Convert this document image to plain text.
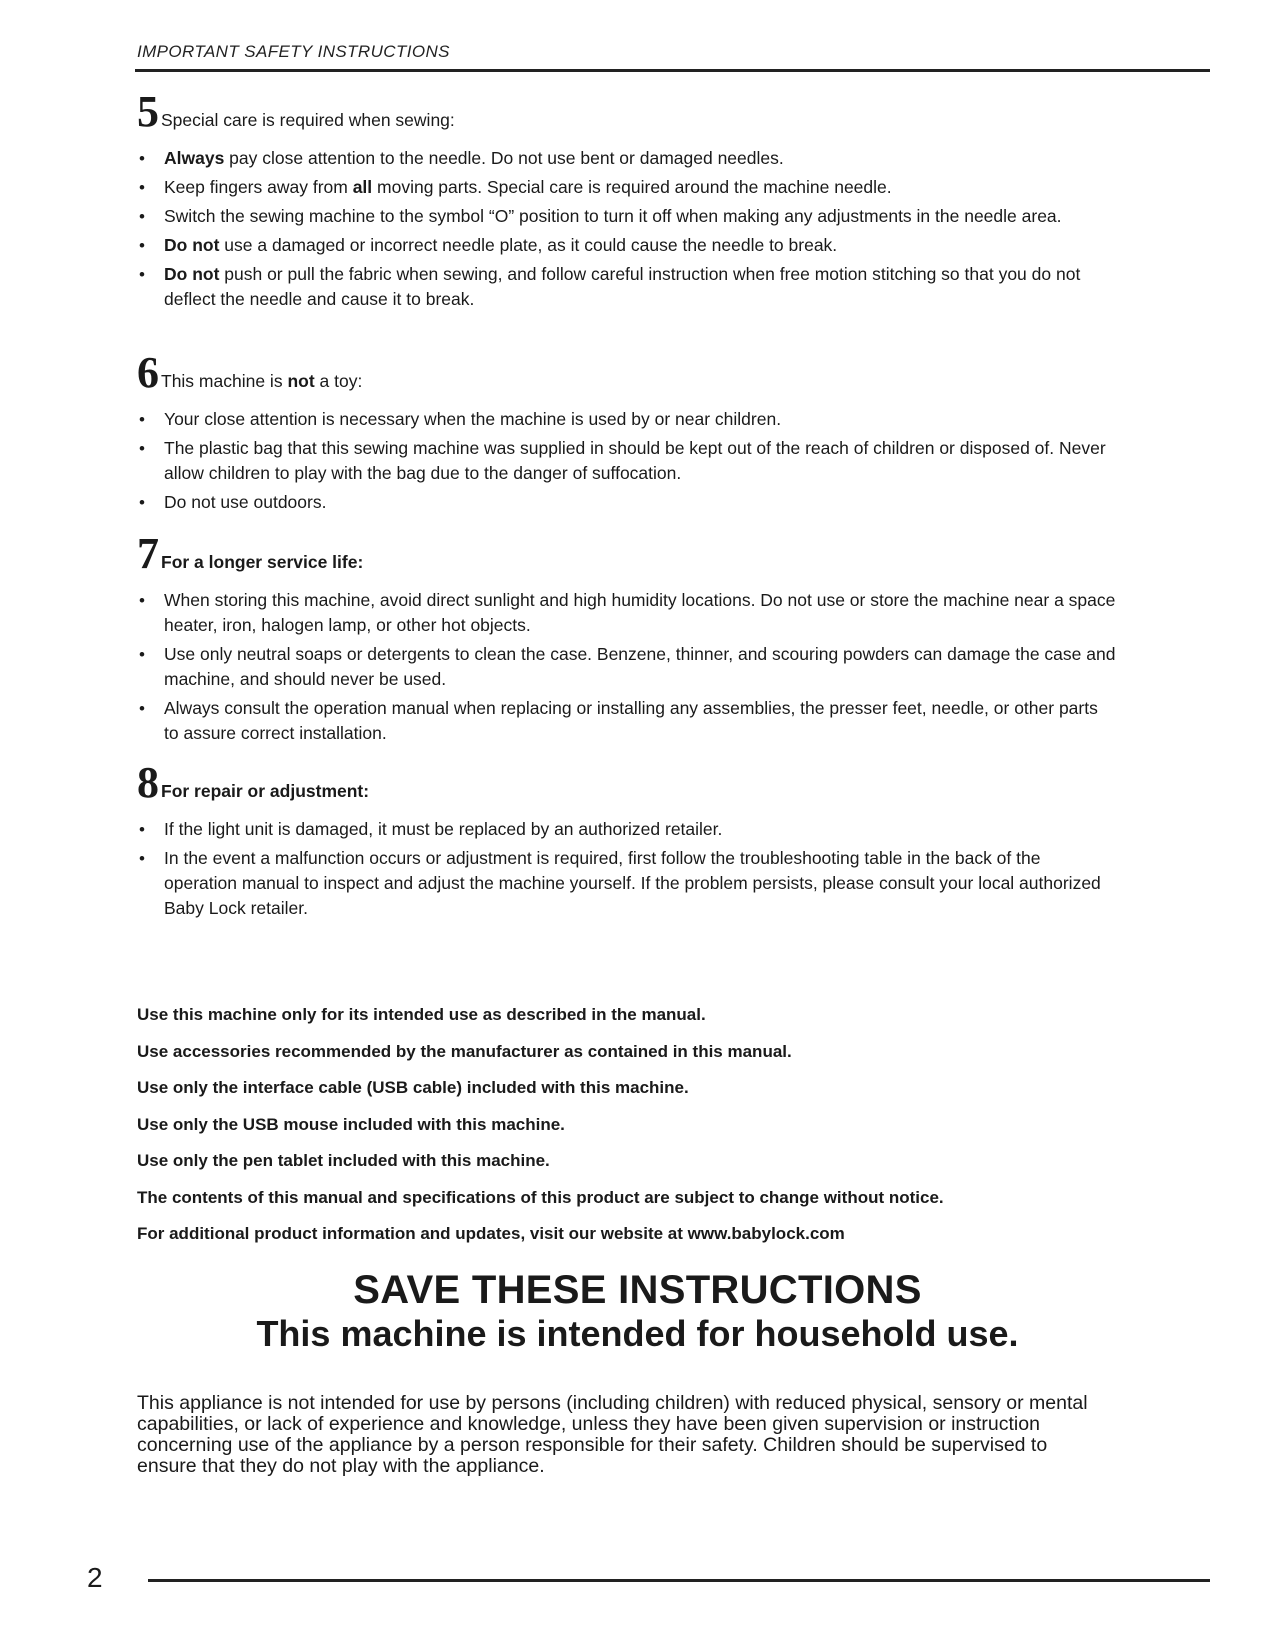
IMPORTANT SAFETY INSTRUCTIONS
5 Special care is required when sewing:
• Always pay close attention to the needle. Do not use bent or damaged needles.
• Keep fingers away from all moving parts. Special care is required around the machine needle.
• Switch the sewing machine to the symbol “O” position to turn it off when making any adjustments in the needle area.
• Do not use a damaged or incorrect needle plate, as it could cause the needle to break.
• Do not push or pull the fabric when sewing, and follow careful instruction when free motion stitching so that you do not deflect the needle and cause it to break.
6 This machine is not a toy:
• Your close attention is necessary when the machine is used by or near children.
• The plastic bag that this sewing machine was supplied in should be kept out of the reach of children or disposed of. Never allow children to play with the bag due to the danger of suffocation.
• Do not use outdoors.
7 For a longer service life:
• When storing this machine, avoid direct sunlight and high humidity locations. Do not use or store the machine near a space heater, iron, halogen lamp, or other hot objects.
• Use only neutral soaps or detergents to clean the case. Benzene, thinner, and scouring powders can damage the case and machine, and should never be used.
• Always consult the operation manual when replacing or installing any assemblies, the presser feet, needle, or other parts to assure correct installation.
8 For repair or adjustment:
• If the light unit is damaged, it must be replaced by an authorized retailer.
• In the event a malfunction occurs or adjustment is required, first follow the troubleshooting table in the back of the operation manual to inspect and adjust the machine yourself. If the problem persists, please consult your local authorized Baby Lock retailer.

Use this machine only for its intended use as described in the manual.

Use accessories recommended by the manufacturer as contained in this manual.

Use only the interface cable (USB cable) included with this machine.

Use only the USB mouse included with this machine.

Use only the pen tablet included with this machine.

The contents of this manual and specifications of this product are subject to change without notice.

For additional product information and updates, visit our website at www.babylock.com

SAVE THESE INSTRUCTIONS
This machine is intended for household use.
This appliance is not intended for use by persons (including children) with reduced physical, sensory or mental capabilities, or lack of experience and knowledge, unless they have been given supervision or instruction concerning use of the appliance by a person responsible for their safety. Children should be supervised to ensure that they do not play with the appliance.
2
